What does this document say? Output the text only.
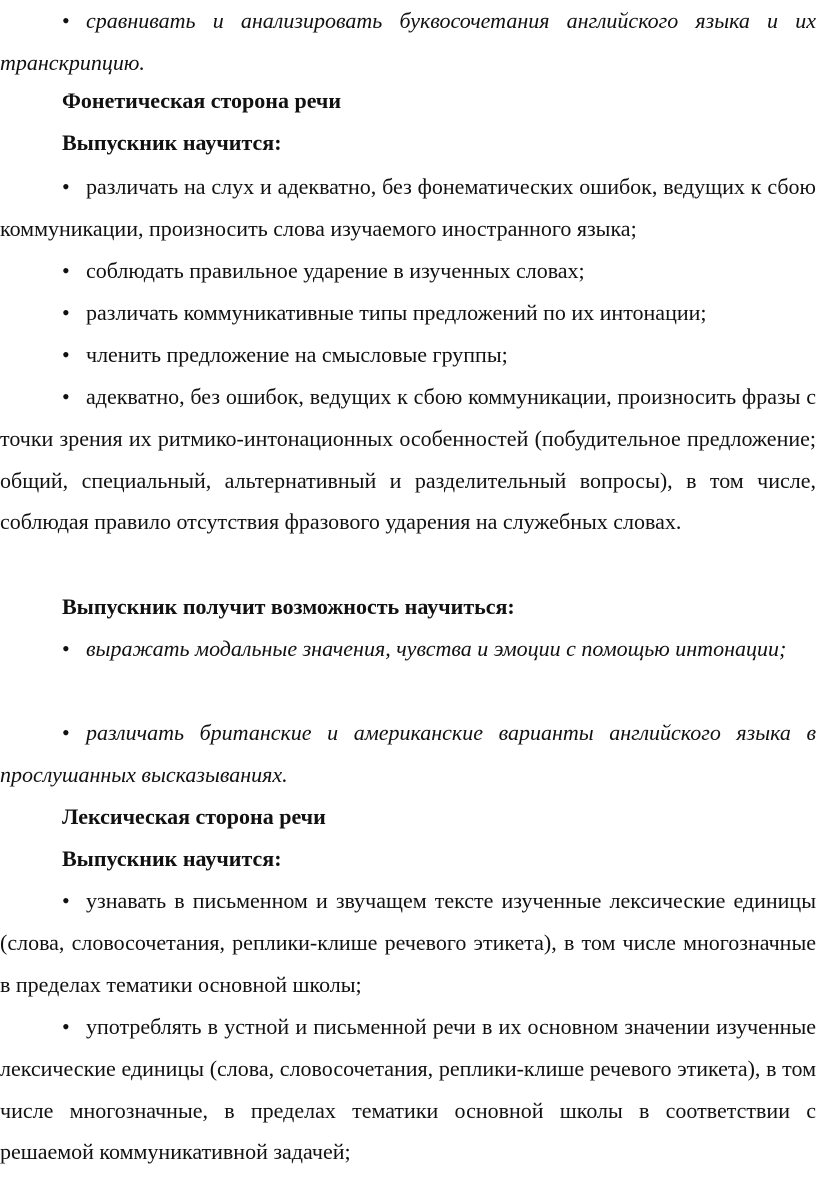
• сравнивать и анализировать буквосочетания английского языка и их транскрипцию.

Фонетическая сторона речи
Выпускник научится:

• различать на слух и адекватно, без фонематических ошибок, ведущих к сбою коммуникации, произносить слова изучаемого иностранного языка;

• соблюдать правильное ударение в изученных словах;

• различать коммуникативные типы предложений по их интонации;

• членить предложение на смысловые группы;

• адекватно, без ошибок, ведущих к сбою коммуникации, произносить фразы с точки зрения их ритмико-интонационных особенностей (побудительное предложение; общий, специальный, альтернативный и разделительный вопросы), в том числе, соблюдая правило отсутствия фразового ударения на служебных словах.

Выпускник получит возможность научиться:

• выражать модальные значения, чувства и эмоции с помощью интонации;

• различать британские и американские варианты английского языка в прослушанных высказываниях.

Лексическая сторона речи
Выпускник научится:

• узнавать в письменном и звучащем тексте изученные лексические единицы (слова, словосочетания, реплики-клише речевого этикета), в том числе многозначные в пределах тематики основной школы;

• употреблять в устной и письменной речи в их основном значении изученные лексические единицы (слова, словосочетания, реплики-клише речевого этикета), в том числе многозначные, в пределах тематики основной школы в соответствии с решаемой коммуникативной задачей;
